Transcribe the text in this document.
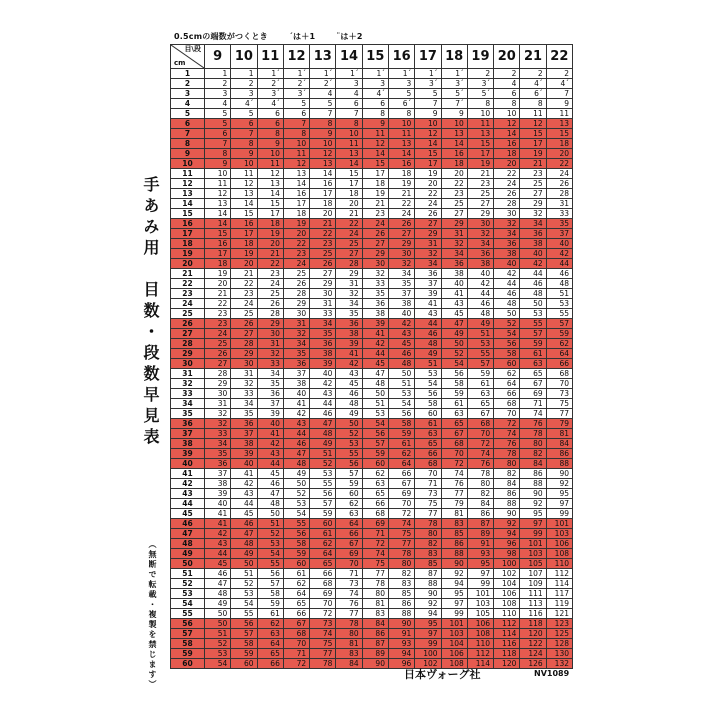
0.5cmの端数がつくとき	´は＋1	¨は＋2
手あみ用　目数・段数早見表
（無断で転載・複製を禁じます）
目\段
cm	9	10	11	12	13	14	15	16	17	18	19	20	21	22
1	1	1	1´	1´	1´	1´	1´	1´	1´	1´	2	2	2	2
2	2	2	2´	2´	2´	3	3	3	3´	3´	3´	4	4´	4´
3	3	3	3´	3´	4	4	4´	5	5	5´	5´	6	6´	7
4	4	4´	4´	5	5	6	6	6´	7	7´	8	8	8	9
5	5	5	6	6	7	7	8	8	9	9	10	10	11	11
6	5	6	6	7	8	8	9	10	10	10	11	12	12	13
7	6	7	8	8	9	10	11	11	12	13	13	14	15	15
8	7	8	9	10	10	11	12	13	14	14	15	16	17	18
9	8	9	10	11	12	13	14	14	15	16	17	18	19	20
10	9	10	11	12	13	14	15	16	17	18	19	20	21	22
11	10	11	12	13	14	15	17	18	19	20	21	22	23	24
12	11	12	13	14	16	17	18	19	20	22	23	24	25	26
13	12	13	14	16	17	18	19	21	22	23	25	26	27	28
14	13	14	15	17	18	20	21	22	24	25	27	28	29	31
15	14	15	17	18	20	21	23	24	26	27	29	30	32	33
16	14	16	18	19	21	22	24	26	27	29	30	32	34	35
17	15	17	19	20	22	24	26	27	29	31	32	34	36	37
18	16	18	20	22	23	25	27	29	31	32	34	36	38	40
19	17	19	21	23	25	27	29	30	32	34	36	38	40	42
20	18	20	22	24	26	28	30	32	34	36	38	40	42	44
21	19	21	23	25	27	29	32	34	36	38	40	42	44	46
22	20	22	24	26	29	31	33	35	37	40	42	44	46	48
23	21	23	25	28	30	32	35	37	39	41	44	46	48	51
24	22	24	26	29	31	34	36	38	41	43	46	48	50	53
25	23	25	28	30	33	35	38	40	43	45	48	50	53	55
26	23	26	29	31	34	36	39	42	44	47	49	52	55	57
27	24	27	30	32	35	38	41	43	46	49	51	54	57	59
28	25	28	31	34	36	39	42	45	48	50	53	56	59	62
29	26	29	32	35	38	41	44	46	49	52	55	58	61	64
30	27	30	33	36	39	42	45	48	51	54	57	60	63	66
31	28	31	34	37	40	43	47	50	53	56	59	62	65	68
32	29	32	35	38	42	45	48	51	54	58	61	64	67	70
33	30	33	36	40	43	46	50	53	56	59	63	66	69	73
34	31	34	37	41	44	48	51	54	58	61	65	68	71	75
35	32	35	39	42	46	49	53	56	60	63	67	70	74	77
36	32	36	40	43	47	50	54	58	61	65	68	72	76	79
37	33	37	41	44	48	52	56	59	63	67	70	74	78	81
38	34	38	42	46	49	53	57	61	65	68	72	76	80	84
39	35	39	43	47	51	55	59	62	66	70	74	78	82	86
40	36	40	44	48	52	56	60	64	68	72	76	80	84	88
41	37	41	45	49	53	57	62	66	70	74	78	82	86	90
42	38	42	46	50	55	59	63	67	71	76	80	84	88	92
43	39	43	47	52	56	60	65	69	73	77	82	86	90	95
44	40	44	48	53	57	62	66	70	75	79	84	88	92	97
45	41	45	50	54	59	63	68	72	77	81	86	90	95	99
46	41	46	51	55	60	64	69	74	78	83	87	92	97	101
47	42	47	52	56	61	66	71	75	80	85	89	94	99	103
48	43	48	53	58	62	67	72	77	82	86	91	96	101	106
49	44	49	54	59	64	69	74	78	83	88	93	98	103	108
50	45	50	55	60	65	70	75	80	85	90	95	100	105	110
51	46	51	56	61	66	71	77	82	87	92	97	102	107	112
52	47	52	57	62	68	73	78	83	88	94	99	104	109	114
53	48	53	58	64	69	74	80	85	90	95	101	106	111	117
54	49	54	59	65	70	76	81	86	92	97	103	108	113	119
55	50	55	61	66	72	77	83	88	94	99	105	110	116	121
56	50	56	62	67	73	78	84	90	95	101	106	112	118	123
57	51	57	63	68	74	80	86	91	97	103	108	114	120	125
58	52	58	64	70	75	81	87	93	99	104	110	116	122	128
59	53	59	65	71	77	83	89	94	100	106	112	118	124	130
60	54	60	66	72	78	84	90	96	102	108	114	120	126	132
日本ヴォーグ社	NV1089
